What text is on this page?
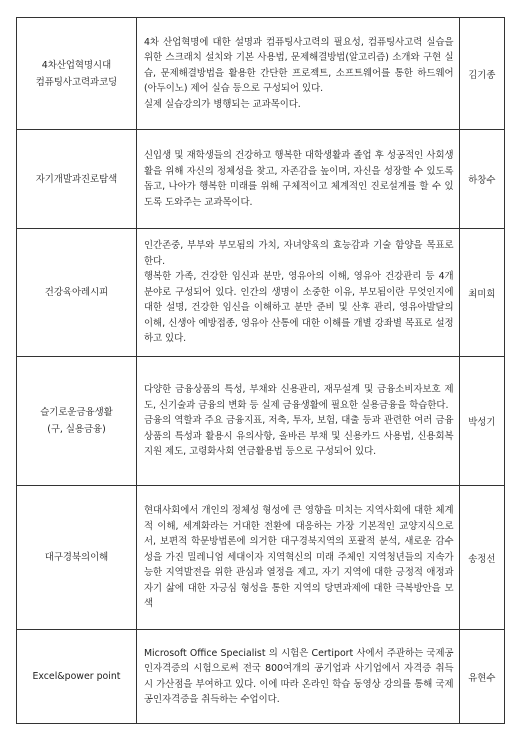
4차산업혁명시대
컴퓨팅사고력과코딩	4차 산업혁명에 대한 설명과 컴퓨팅사고력의 필요성, 컴퓨팅사고력 실습을 위한 스크래치 설치와 기본 사용법, 문제해결방법(알고리즘) 소개와 구현 실습, 문제해결방법을 활용한 간단한 프로젝트, 소프트웨어를 통한 하드웨어(아두이노) 제어 실습 등으로 구성되어 있다.
실제 실습강의가 병행되는 교과목이다.	김기종

자기개발과진로탐색	신입생 및 재학생들의 건강하고 행복한 대학생활과 졸업 후 성공적인 사회생활을 위해 자신의 정체성을 찾고, 자존감을 높이며, 자신을 성장할 수 있도록 돕고, 나아가 행복한 미래를 위해 구체적이고 체계적인 진로설계를 할 수 있도록 도와주는 교과목이다.	하창수

건강육아레시피	인간존중, 부부와 부모됨의 가치, 자녀양육의 효능감과 기술 함양을 목표로 한다.
행복한 가족, 건강한 임신과 분만, 영유아의 이해, 영유아 건강관리 등 4개 분야로 구성되어 있다. 인간의 생명이 소중한 이유, 부모됨이란 무엇인지에 대한 설명, 건강한 임신을 이해하고 분만 준비 및 산후 관리, 영유아발달의 이해, 신생아 예방접종, 영유아 산통에 대한 이해를 개별 강좌별 목표로 설정하고 있다.	최미희

슬기로운금융생활
(구, 실용금융)	다양한 금융상품의 특성, 부채와 신용관리, 재무설계 및 금융소비자보호 제도, 신기술과 금융의 변화 등 실제 금융생활에 필요한 실용금융을 학습한다.
금융의 역할과 주요 금융지표, 저축, 투자, 보험, 대출 등과 관련한 여러 금융상품의 특성과 활용시 유의사항, 올바른 부채 및 신용카드 사용법, 신용회복지원 제도, 고령화사회 연금활용법 등으로 구성되어 있다.	박성기

대구경북의이해	현대사회에서 개인의 정체성 형성에 큰 영향을 미치는 지역사회에 대한 체계적 이해, 세계화라는 거대한 전환에 대응하는 가장 기본적인 교양지식으로서, 보편적 학문방법론에 의거한 대구경북지역의 포괄적 분석, 새로운 감수성을 가진 밀레니엄 세대이자 지역혁신의 미래 주체인 지역청년들의 지속가능한 지역발전을 위한 관심과 열정을 제고, 자기 지역에 대한 긍정적 애정과 자기 삶에 대한 자긍심 형성을 통한 지역의 당면과제에 대한 극복방안을 모색	송정선

Excel&power point	Microsoft Office Specialist 의 시험은 Certiport 사에서 주관하는 국제공인자격증의 시험으로써 전국 800여개의 공기업과 사기업에서 자격증 취득 시 가산점을 부여하고 있다. 이에 따라 온라인 학습 동영상 강의를 통해 국제공인자격증을 취득하는 수업이다.	유현수
